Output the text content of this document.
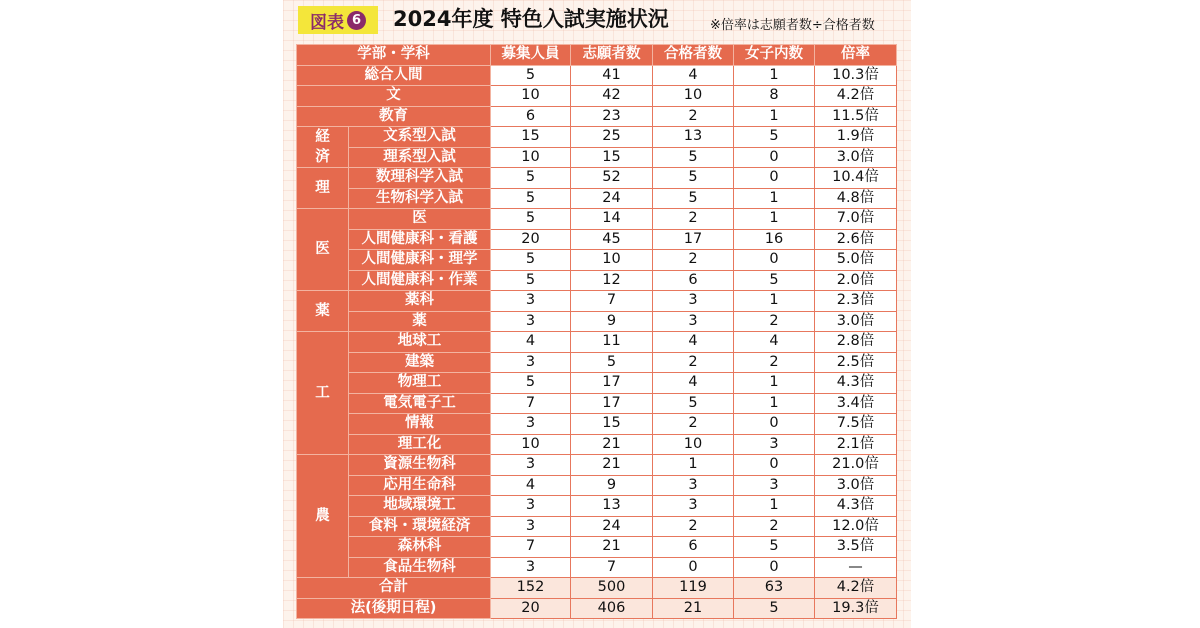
図表 6 2024年度 特色入試実施状況	※倍率は志願者数÷合格者数
学部・学科		募集人員	志願者数	合格者数	女子内数	倍率
総合人間		5	41	4	1	10.3倍
文		10	42	10	8	4.2倍
教育		6	23	2	1	11.5倍
経済	文系型入試	15	25	13	5	1.9倍
	理系型入試	10	15	5	0	3.0倍
理	数理科学入試	5	52	5	0	10.4倍
	生物科学入試	5	24	5	1	4.8倍
医	医	5	14	2	1	7.0倍
	人間健康科・看護	20	45	17	16	2.6倍
	人間健康科・理学	5	10	2	0	5.0倍
	人間健康科・作業	5	12	6	5	2.0倍
薬	薬科	3	7	3	1	2.3倍
	薬	3	9	3	2	3.0倍
工	地球工	4	11	4	4	2.8倍
	建築	3	5	2	2	2.5倍
	物理工	5	17	4	1	4.3倍
	電気電子工	7	17	5	1	3.4倍
	情報	3	15	2	0	7.5倍
	理工化	10	21	10	3	2.1倍
農	資源生物科	3	21	1	0	21.0倍
	応用生命科	4	9	3	3	3.0倍
	地域環境工	3	13	3	1	4.3倍
	食料・環境経済	3	24	2	2	12.0倍
	森林科	7	21	6	5	3.5倍
	食品生物科	3	7	0	0	—
合計		152	500	119	63	4.2倍
法(後期日程)		20	406	21	5	19.3倍
